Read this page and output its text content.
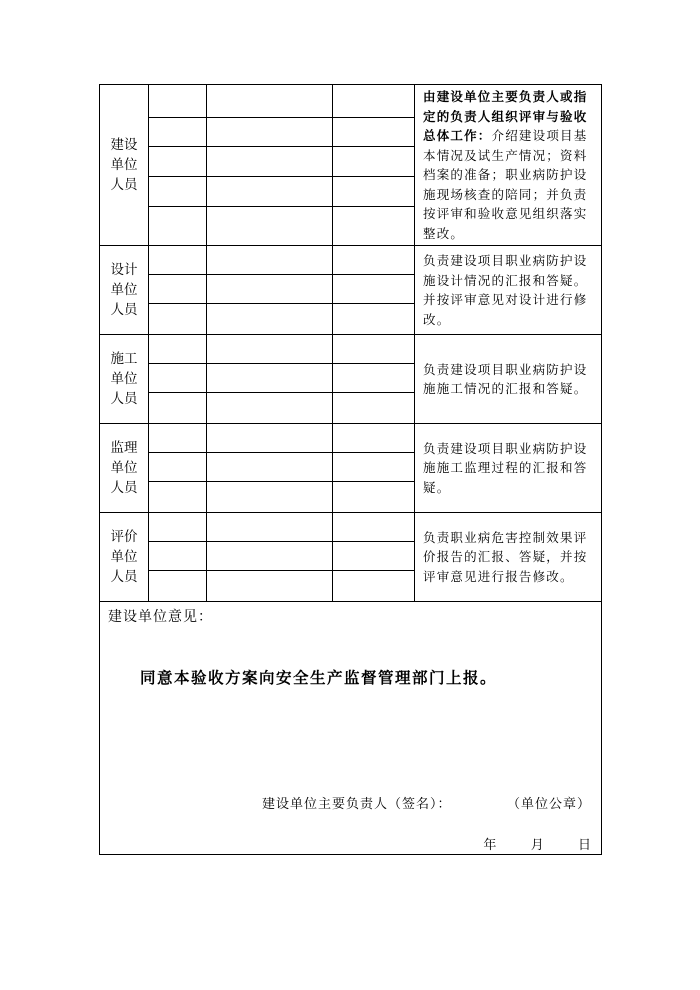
建设
单位
人员				由建设单位主要负责人或指定的负责人组织评审与验收总体工作：介绍建设项目基本情况及试生产情况；资料档案的准备；职业病防护设施现场核查的陪同；并负责按评审和验收意见组织落实整改。

设计
单位
人员				负责建设项目职业病防护设施设计情况的汇报和答疑。并按评审意见对设计进行修改。

施工
单位
人员				负责建设项目职业病防护设施施工情况的汇报和答疑。

监理
单位
人员				负责建设项目职业病防护设施施工监理过程的汇报和答疑。

评价
单位
人员				负责职业病危害控制效果评价报告的汇报、答疑，并按评审意见进行报告修改。

建设单位意见：
同意本验收方案向安全生产监督管理部门上报。
建设单位主要负责人（签名）： （单位公章）
年 月 日				
